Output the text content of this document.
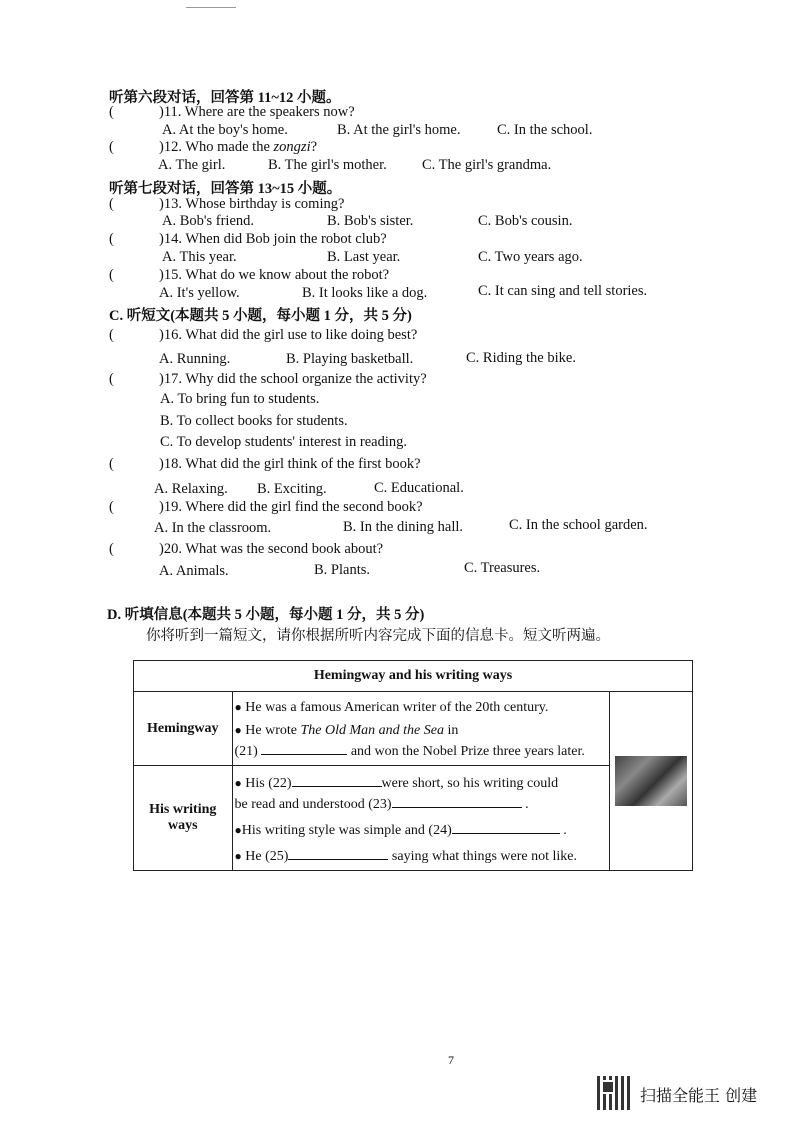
听第六段对话，回答第 11~12 小题。
(	)11. Where are the speakers now?
A. At the boy's home.	B. At the girl's home.	C. In the school.
(	)12. Who made the zongzi?
A. The girl.	B. The girl's mother. C. The girl's grandma.
听第七段对话，回答第 13~15 小题。
(	)13. Whose birthday is coming?
A. Bob's friend.	B. Bob's sister.	C. Bob's cousin.
(	)14. When did Bob join the robot club?
A. This year.	B. Last year.	C. Two years ago.
(	)15. What do we know about the robot?
A. It's yellow.	B. It looks like a dog.	C. It can sing and tell stories.
C. 听短文(本题共 5 小题，每小题 1 分，共 5 分)
(	)16. What did the girl use to like doing best?
A. Running.	B. Playing basketball.	C. Riding the bike.
(	)17. Why did the school organize the activity?
A. To bring fun to students.
B. To collect books for students.
C. To develop students' interest in reading.
(	)18. What did the girl think of the first book?
A. Relaxing. B. Exciting.	C. Educational.
(	)19. Where did the girl find the second book?
A. In the classroom.	B. In the dining hall.	C. In the school garden.
(	)20. What was the second book about?
A. Animals.	B. Plants.	C. Treasures.
D. 听填信息(本题共 5 小题，每小题 1 分，共 5 分)
你将听到一篇短文，请你根据所听内容完成下面的信息卡。短文听两遍。
Hemingway and his writing ways		
Hemingway	● He was a famous American writer of the 20th century.
● He wrote The Old Man and the Sea in
(21) and won the Nobel Prize three years later.	

His writing ways	● His (22) were short, so his writing could
be read and understood (23) .
●His writing style was simple and (24) .
● He (25) saying what things were not like.	
7
扫描全能王 创建
